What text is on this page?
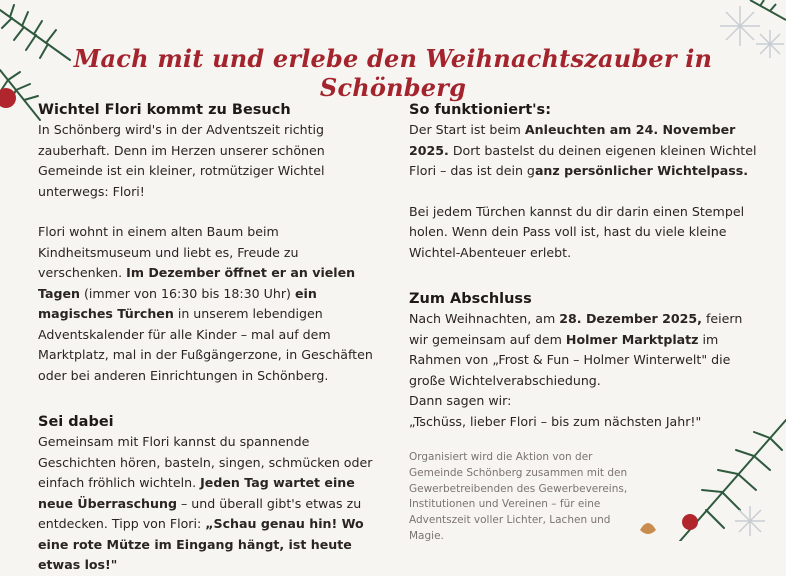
Mach mit und erlebe den Weihnachtszauber in Schönberg
Wichtel Flori kommt zu Besuch

In Schönberg wird's in der Adventszeit richtig zauberhaft. Denn im Herzen unserer schönen Gemeinde ist ein kleiner, rotmütziger Wichtel unterwegs: Flori!

Flori wohnt in einem alten Baum beim Kindheitsmuseum und liebt es, Freude zu verschenken. Im Dezember öffnet er an vielen Tagen (immer von 16:30 bis 18:30 Uhr) ein magisches Türchen in unserem lebendigen Adventskalender für alle Kinder – mal auf dem Marktplatz, mal in der Fußgängerzone, in Geschäften oder bei anderen Einrichtungen in Schönberg.

Sei dabei

Gemeinsam mit Flori kannst du spannende Geschichten hören, basteln, singen, schmücken oder einfach fröhlich wichteln. Jeden Tag wartet eine neue Überraschung – und überall gibt's etwas zu entdecken. Tipp von Flori: „Schau genau hin! Wo eine rote Mütze im Eingang hängt, ist heute etwas los!"

So funktioniert's:

Der Start ist beim Anleuchten am 24. November 2025. Dort bastelst du deinen eigenen kleinen Wichtel Flori – das ist dein ganz persönlicher Wichtelpass.

Bei jedem Türchen kannst du dir darin einen Stempel holen. Wenn dein Pass voll ist, hast du viele kleine Wichtel-Abenteuer erlebt.

Zum Abschluss

Nach Weihnachten, am 28. Dezember 2025, feiern wir gemeinsam auf dem Holmer Marktplatz im Rahmen von „Frost & Fun – Holmer Winterwelt" die große Wichtelverabschiedung.

Dann sagen wir:

„Tschüss, lieber Flori – bis zum nächsten Jahr!"

Organisiert wird die Aktion von der Gemeinde Schönberg zusammen mit den Gewerbetreibenden des Gewerbevereins, Institutionen und Vereinen – für eine Adventszeit voller Lichter, Lachen und Magie.
